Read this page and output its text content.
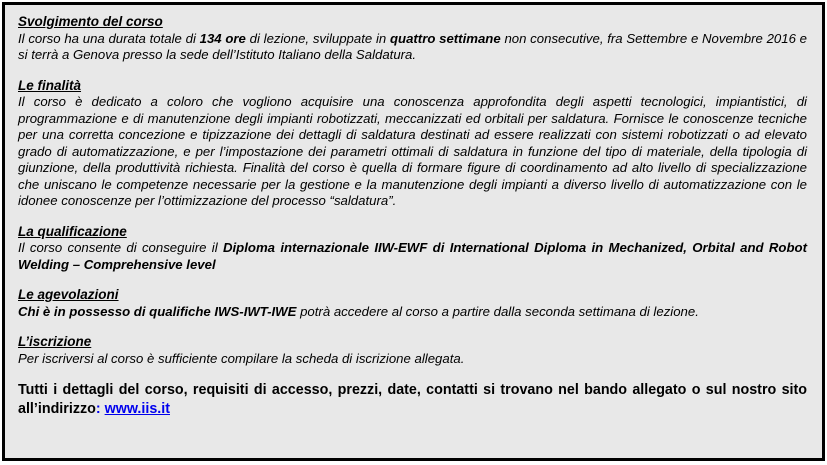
Svolgimento del corso

Il corso ha una durata totale di 134 ore di lezione, sviluppate in quattro settimane non consecutive, fra Settembre e Novembre 2016 e si terrà a Genova presso la sede dell’Istituto Italiano della Saldatura.

Le finalità

Il corso è dedicato a coloro che vogliono acquisire una conoscenza approfondita degli aspetti tecnologici, impiantistici, di programmazione e di manutenzione degli impianti robotizzati, meccanizzati ed orbitali per saldatura. Fornisce le conoscenze tecniche per una corretta concezione e tipizzazione dei dettagli di saldatura destinati ad essere realizzati con sistemi robotizzati o ad elevato grado di automatizzazione, e per l’impostazione dei parametri ottimali di saldatura in funzione del tipo di materiale, della tipologia di giunzione, della produttività richiesta. Finalità del corso è quella di formare figure di coordinamento ad alto livello di specializzazione che uniscano le competenze necessarie per la gestione e la manutenzione degli impianti a diverso livello di automatizzazione con le idonee conoscenze per l’ottimizzazione del processo “saldatura”.

La qualificazione

Il corso consente di conseguire il Diploma internazionale IIW-EWF di International Diploma in Mechanized, Orbital and Robot Welding – Comprehensive level

Le agevolazioni

Chi è in possesso di qualifiche IWS-IWT-IWE potrà accedere al corso a partire dalla seconda settimana di lezione.

L’iscrizione

Per iscriversi al corso è sufficiente compilare la scheda di iscrizione allegata.

Tutti i dettagli del corso, requisiti di accesso, prezzi, date, contatti si trovano nel bando allegato o sul nostro sito all’indirizzo: www.iis.it
